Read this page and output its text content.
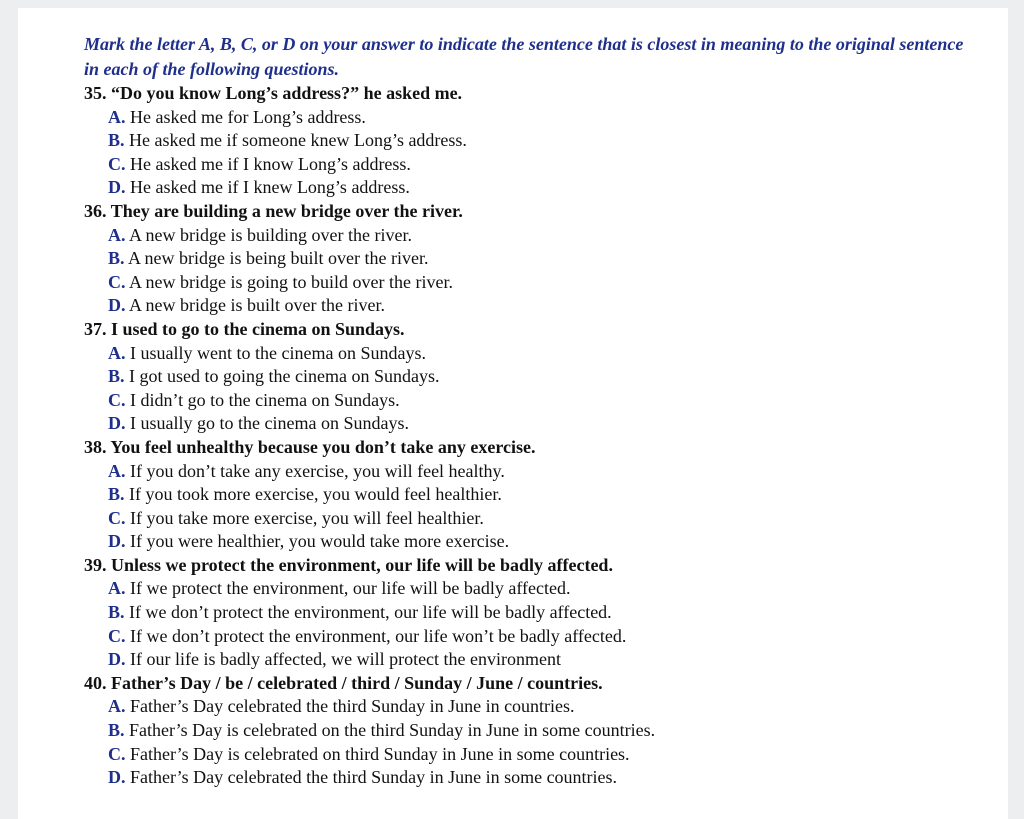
Mark the letter A, B, C, or D on your answer to indicate the sentence that is closest in meaning to the original sentence in each of the following questions.

35. “Do you know Long’s address?” he asked me.
A. He asked me for Long’s address.
B. He asked me if someone knew Long’s address.
C. He asked me if I know Long’s address.
D. He asked me if I knew Long’s address.
36. They are building a new bridge over the river.
A. A new bridge is building over the river.
B. A new bridge is being built over the river.
C. A new bridge is going to build over the river.
D. A new bridge is built over the river.
37. I used to go to the cinema on Sundays.
A. I usually went to the cinema on Sundays.
B. I got used to going the cinema on Sundays.
C. I didn’t go to the cinema on Sundays.
D. I usually go to the cinema on Sundays.
38. You feel unhealthy because you don’t take any exercise.
A. If you don’t take any exercise, you will feel healthy.
B. If you took more exercise, you would feel healthier.
C. If you take more exercise, you will feel healthier.
D. If you were healthier, you would take more exercise.
39. Unless we protect the environment, our life will be badly affected.
A. If we protect the environment, our life will be badly affected.
B. If we don’t protect the environment, our life will be badly affected.
C. If we don’t protect the environment, our life won’t be badly affected.
D. If our life is badly affected, we will protect the environment
40. Father’s Day / be / celebrated / third / Sunday / June / countries.
A. Father’s Day celebrated the third Sunday in June in countries.
B. Father’s Day is celebrated on the third Sunday in June in some countries.
C. Father’s Day is celebrated on third Sunday in June in some countries.
D. Father’s Day celebrated the third Sunday in June in some countries.
